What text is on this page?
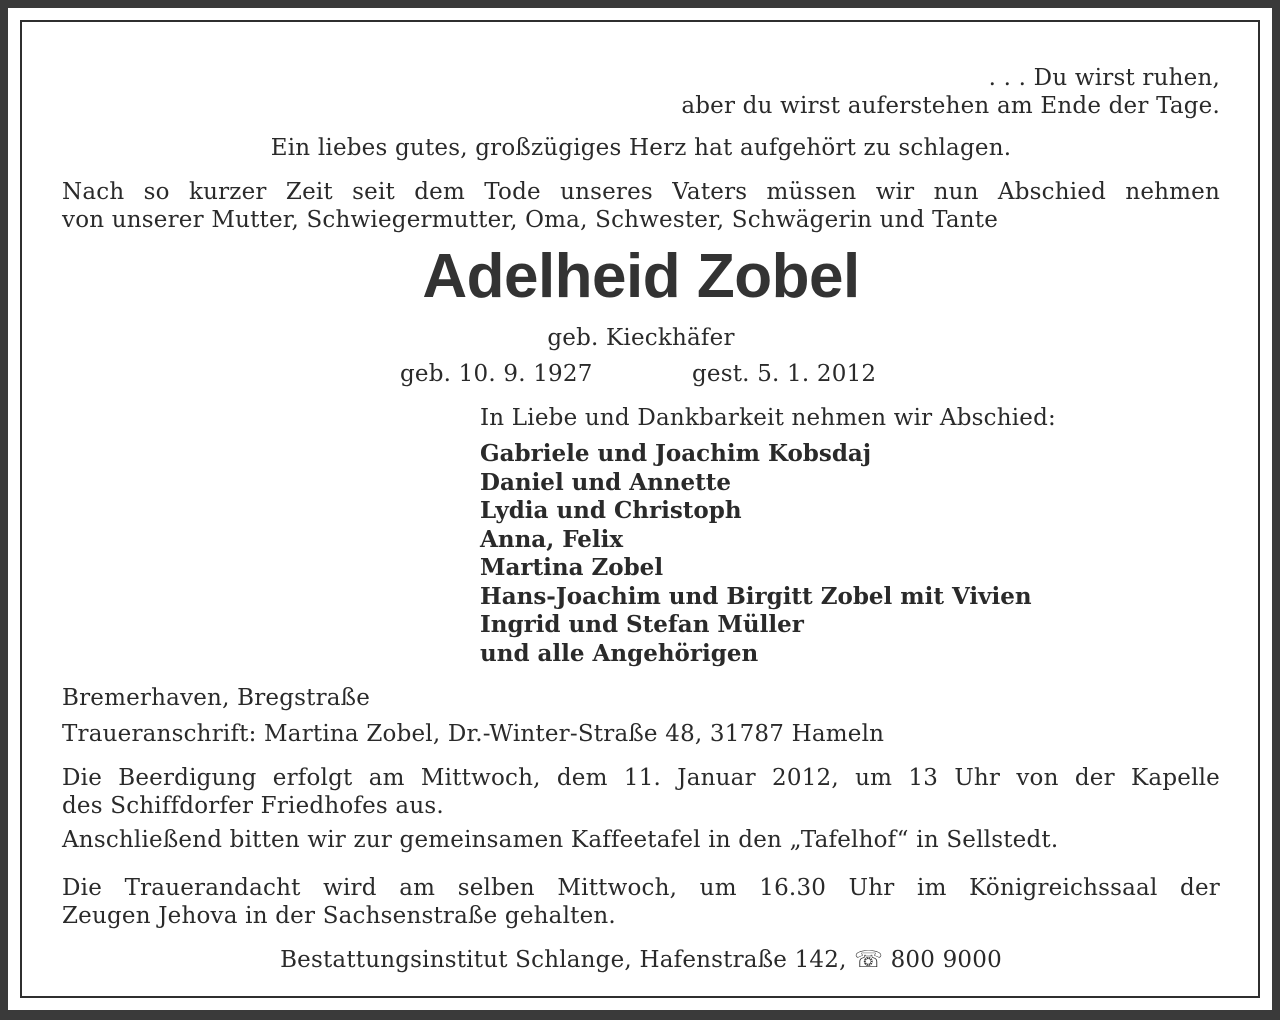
. . . Du wirst ruhen,
aber du wirst auferstehen am Ende der Tage.
Ein liebes gutes, großzügiges Herz hat aufgehört zu schlagen.
Nach so kurzer Zeit seit dem Tode unseres Vaters müssen wir nun Abschied nehmen
von unserer Mutter, Schwiegermutter, Oma, Schwester, Schwägerin und Tante
Adelheid Zobel
geb. Kieckhäfer
geb. 10. 9. 1927	gest. 5. 1. 2012
In Liebe und Dankbarkeit nehmen wir Abschied:
Gabriele und Joachim Kobsdaj
Daniel und Annette
Lydia und Christoph
Anna, Felix
Martina Zobel
Hans-Joachim und Birgitt Zobel mit Vivien
Ingrid und Stefan Müller
und alle Angehörigen
Bremerhaven, Bregstraße
Traueranschrift: Martina Zobel, Dr.-Winter-Straße 48, 31787 Hameln
Die Beerdigung erfolgt am Mittwoch, dem 11. Januar 2012, um 13 Uhr von der Kapelle
des Schiffdorfer Friedhofes aus.
Anschließend bitten wir zur gemeinsamen Kaffeetafel in den „Tafelhof“ in Sellstedt.
Die Trauerandacht wird am selben Mittwoch, um 16.30 Uhr im Königreichssaal der
Zeugen Jehova in der Sachsenstraße gehalten.
Bestattungsinstitut Schlange, Hafenstraße 142, ☏ 800 9000
